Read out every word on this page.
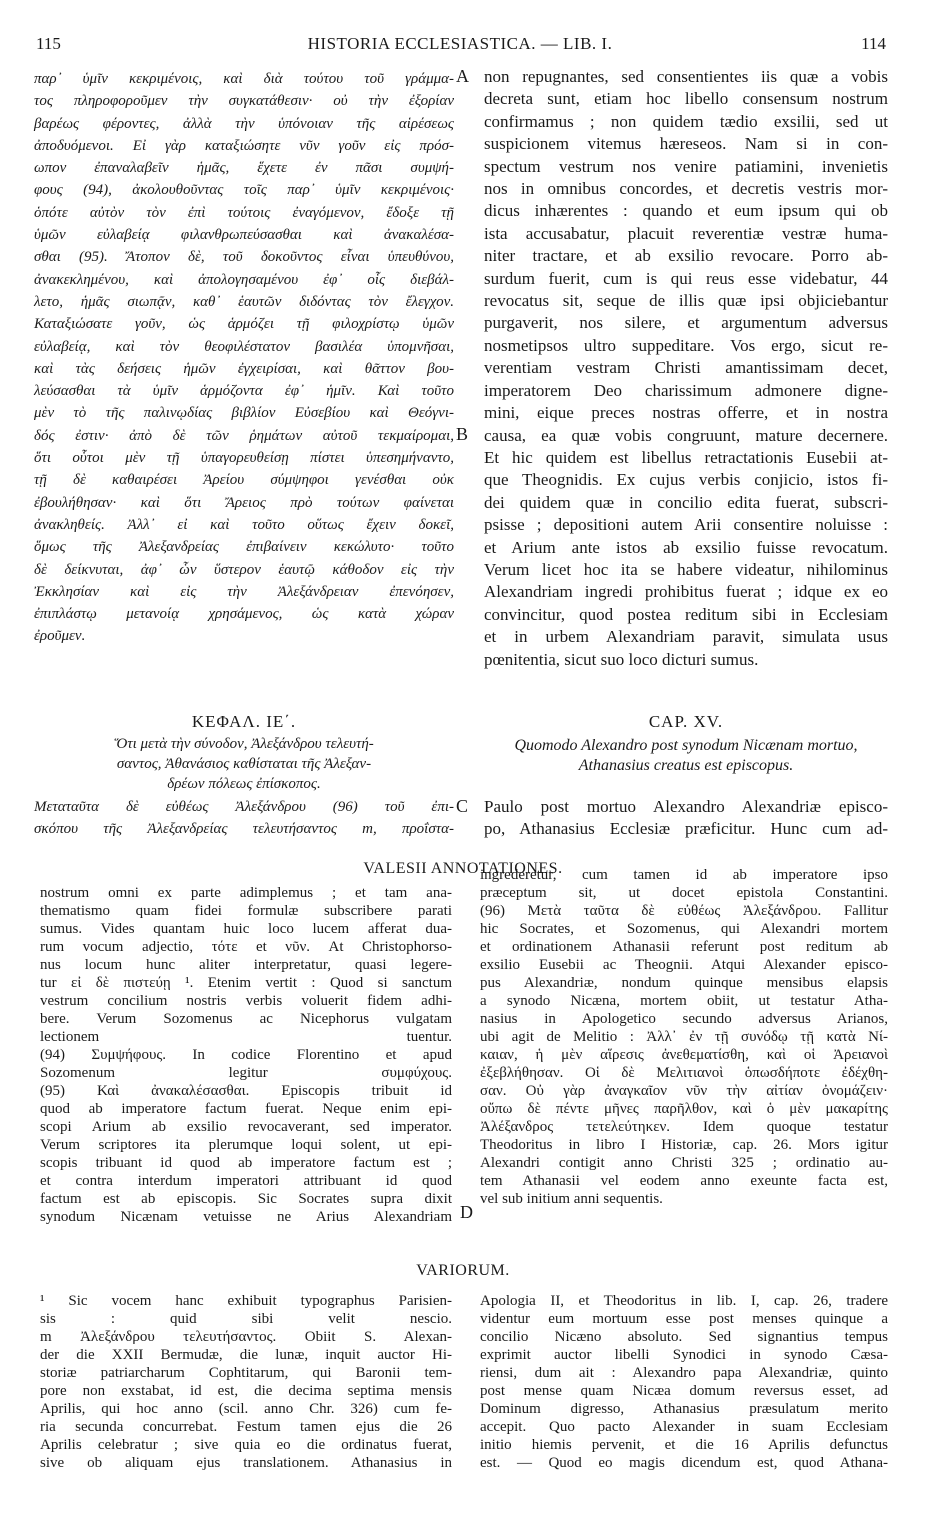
115	HISTORIA ECCLESIASTICA. — LIB. I.	114
παρ᾽ ὑμῖν κεκριμένοις, καὶ διὰ τούτου τοῦ γράμμα-
τος πληροφοροῦμεν τὴν συγκατάθεσιν· οὐ τὴν ἐξορίαν
βαρέως φέροντες, ἀλλὰ τὴν ὑπόνοιαν τῆς αἱρέσεως
ἀποδυόμενοι. Εἰ γὰρ καταξιώσητε νῦν γοῦν εἰς πρόσ-
ωπον ἐπαναλαβεῖν ἡμᾶς, ἕχετε ἐν πᾶσι συμψή-
φους (94), ἀκολουθοῦντας τοῖς παρ᾽ ὑμῖν κεκριμένοις·
ὁπότε αὐτὸν τὸν ἐπὶ τούτοις ἐναγόμενον, ἔδοξε τῇ
ὑμῶν εὐλαβείᾳ φιλανθρωπεύσασθαι καὶ ἀνακαλέσα-
σθαι (95). Ἄτοπον δὲ, τοῦ δοκοῦντος εἶναι ὑπευθύνου,
ἀνακεκλημένου, καὶ ἀπολογησαμένου ἐφ᾽ οἷς διεβάλ-
λετο, ἡμᾶς σιωπᾷν, καθ᾽ ἑαυτῶν διδόντας τὸν ἔλεγχον.
Καταξιώσατε γοῦν, ὡς ἁρμόζει τῇ φιλοχρίστῳ ὑμῶν
εὐλαβείᾳ, καὶ τὸν θεοφιλέστατον βασιλέα ὑπομνῆσαι,
καὶ τὰς δεήσεις ἡμῶν ἐγχειρίσαι, καὶ θᾶττον βου-
λεύσασθαι τὰ ὑμῖν ἁρμόζοντα ἐφ᾽ ἡμῖν. Καὶ τοῦτο
μὲν τὸ τῆς παλινῳδίας βιβλίον Εὐσεβίου καὶ Θεόγνι-
δός ἐστιν· ἀπὸ δὲ τῶν ῥημάτων αὐτοῦ τεκμαίρομαι,
ὅτι οὗτοι μὲν τῇ ὑπαγορευθείσῃ πίστει ὑπεσημήναντο,
τῇ δὲ καθαιρέσει Ἀρείου σύμψηφοι γενέσθαι οὐκ
ἐβουλήθησαν· καὶ ὅτι Ἄρειος πρὸ τούτων φαίνεται
ἀνακληθείς. Ἀλλ᾽ εἰ καὶ τοῦτο οὕτως ἔχειν δοκεῖ,
ὅμως τῆς Ἀλεξανδρείας ἐπιβαίνειν κεκώλυτο· τοῦτο
δὲ δείκνυται, ἀφ᾽ ὧν ὕστερον ἑαυτῷ κάθοδον εἰς τὴν
Ἐκκλησίαν καὶ εἰς τὴν Ἀλεξάνδρειαν ἐπενόησεν,
ἐπιπλάστῳ μετανοίᾳ χρησάμενος, ὡς κατὰ χώραν
ἐροῦμεν.
non repugnantes, sed consentientes iis quæ a vobis
decreta sunt, etiam hoc libello consensum nostrum
confirmamus ; non quidem tædio exsilii, sed ut
suspicionem vitemus hæreseos. Nam si in con-
spectum vestrum nos venire patiamini, invenietis
nos in omnibus concordes, et decretis vestris mor-
dicus inhærentes : quando et eum ipsum qui ob
ista accusabatur, placuit reverentiæ vestræ huma-
niter tractare, et ab exsilio revocare. Porro ab-
surdum fuerit, cum is qui reus esse videbatur, 44
revocatus sit, seque de illis quæ ipsi objiciebantur
purgaverit, nos silere, et argumentum adversus
nosmetipsos ultro suppeditare. Vos ergo, sicut re-
verentiam vestram Christi amantissimam decet,
imperatorem Deo charissimum admonere digne-
mini, eique preces nostras offerre, et in nostra
causa, ea quæ vobis congruunt, mature decernere.
Et hic quidem est libellus retractationis Eusebii at-
que Theognidis. Ex cujus verbis conjicio, istos fi-
dei quidem quæ in concilio edita fuerat, subscri-
psisse ; depositioni autem Arii consentire noluisse :
et Arium ante istos ab exsilio fuisse revocatum.
Verum licet hoc ita se habere videatur, nihilominus
Alexandriam ingredi prohibitus fuerat ; idque ex eo
convincitur, quod postea reditum sibi in Ecclesiam
et in urbem Alexandriam paravit, simulata usus
pœnitentia, sicut suo loco dicturi sumus.
A
B
C
D
ΚΕΦΑΛ. ΙΕ΄.
Ὅτι μετὰ τὴν σύνοδον, Ἀλεξάνδρου τελευτή-
σαντος, Ἀθανάσιος καθίσταται τῆς Ἀλεξαν-
δρέων πόλεως ἐπίσκοπος.
CAP. XV.
Quomodo Alexandro post synodum Nicænam mortuo,
Athanasius creatus est episcopus.
Μεταταῦτα δὲ εὐθέως Ἀλεξάνδρου (96) τοῦ ἐπι-
σκόπου τῆς Ἀλεξανδρείας τελευτήσαντος m, προΐστα-
Paulo post mortuo Alexandro Alexandriæ episco-
po, Athanasius Ecclesiæ præficitur. Hunc cum ad-
VALESII ANNOTATIONES.
nostrum omni ex parte adimplemus ; et tam ana-
thematismo quam fidei formulæ subscribere parati
sumus. Vides quantam huic loco lucem afferat dua-
rum vocum adjectio, τότε et νῦν. At Christophorso-
nus locum hunc aliter interpretatur, quasi legere-
tur εἰ δὲ πιστεύῃ ¹. Etenim vertit : Quod si sanctum
vestrum concilium nostris verbis voluerit fidem adhi-
bere. Verum Sozomenus ac Nicephorus vulgatam
lectionem tuentur.
(94) Συμψήφους. In codice Florentino et apud
Sozomenum legitur συμφύχους.
(95) Καὶ ἀνακαλέσασθαι. Episcopis tribuit id
quod ab imperatore factum fuerat. Neque enim epi-
scopi Arium ab exsilio revocaverant, sed imperator.
Verum scriptores ita plerumque loqui solent, ut epi-
scopis tribuant id quod ab imperatore factum est ;
et contra interdum imperatori attribuant id quod
factum est ab episcopis. Sic Socrates supra dixit
synodum Nicænam vetuisse ne Arius Alexandriam
ingrederetur, cum tamen id ab imperatore ipso
præceptum sit, ut docet epistola Constantini.
(96) Μετὰ ταῦτα δὲ εὐθέως Ἀλεξάνδρου. Fallitur
hic Socrates, et Sozomenus, qui Alexandri mortem
et ordinationem Athanasii referunt post reditum ab
exsilio Eusebii ac Theognii. Atqui Alexander episco-
pus Alexandriæ, nondum quinque mensibus elapsis
a synodo Nicæna, mortem obiit, ut testatur Atha-
nasius in Apologetico secundo adversus Arianos,
ubi agit de Melitio : Ἀλλ᾽ ἐν τῇ συνόδῳ τῇ κατὰ Νί-
καιαν, ἡ μὲν αἵρεσις ἀνεθεματίσθη, καὶ οἱ Ἀρειανοὶ
ἐξεβλήθησαν. Οἱ δὲ Μελιτιανοὶ ὁπωσδήποτε ἐδέχθη-
σαν. Οὐ γὰρ ἀναγκαῖον νῦν τὴν αἰτίαν ὀνομάζειν·
οὔπω δὲ πέντε μῆνες παρῆλθον, καὶ ὁ μὲν μακαρίτης
Ἀλέξανδρος τετελεύτηκεν. Idem quoque testatur
Theodoritus in libro I Historiæ, cap. 26. Mors igitur
Alexandri contigit anno Christi 325 ; ordinatio au-
tem Athanasii vel eodem anno exeunte facta est,
vel sub initium anni sequentis.
VARIORUM.
¹ Sic vocem hanc exhibuit typographus Parisien-
sis : quid sibi velit nescio.
m Ἀλεξάνδρου τελευτήσαντος. Obiit S. Alexan-
der die XXII Bermudæ, die lunæ, inquit auctor Hi-
storiæ patriarcharum Cophtitarum, qui Baronii tem-
pore non exstabat, id est, die decima septima mensis
Aprilis, qui hoc anno (scil. anno Chr. 326) cum fe-
ria secunda concurrebat. Festum tamen ejus die 26
Aprilis celebratur ; sive quia eo die ordinatus fuerat,
sive ob aliquam ejus translationem. Athanasius in
Apologia II, et Theodoritus in lib. I, cap. 26, tradere
videntur eum mortuum esse post menses quinque a
concilio Nicæno absoluto. Sed signantius tempus
exprimit auctor libelli Synodici in synodo Cæsa-
riensi, dum ait : Alexandro papa Alexandriæ, quinto
post mense quam Nicæa domum reversus esset, ad
Dominum digresso, Athanasius præsulatum merito
accepit. Quo pacto Alexander in suam Ecclesiam
initio hiemis pervenit, et die 16 Aprilis defunctus
est. — Quod eo magis dicendum est, quod Athana-
